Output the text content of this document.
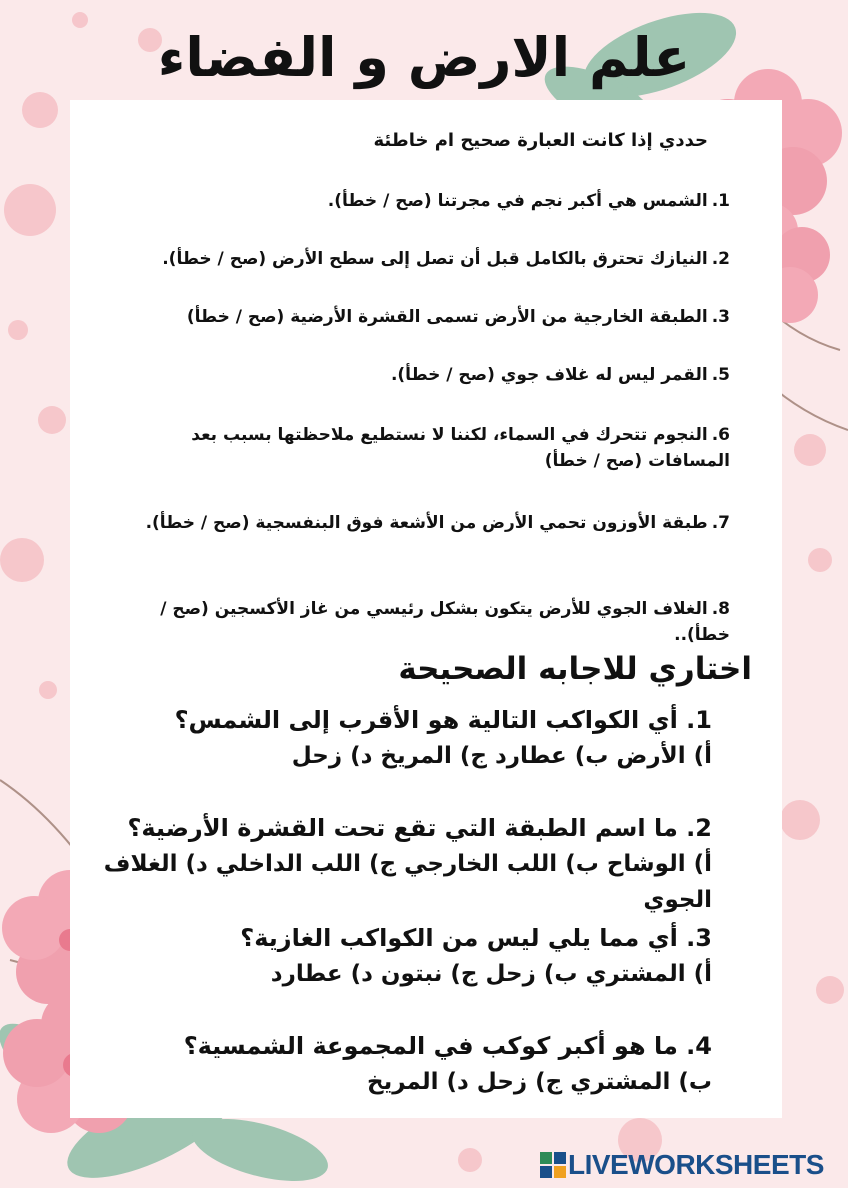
علم الارض و الفضاء

حددي إذا كانت العبارة صحيح ام خاطئة

1.الشمس هي أكبر نجم في مجرتنا (صح / خطأ).

2.النيازك تحترق بالكامل قبل أن تصل إلى سطح الأرض (صح / خطأ).

3.الطبقة الخارجية من الأرض تسمى القشرة الأرضية (صح / خطأ)

5.القمر ليس له غلاف جوي (صح / خطأ).

6.النجوم تتحرك في السماء، لكننا لا نستطيع ملاحظتها بسبب بعد المسافات (صح / خطأ)

7.طبقة الأوزون تحمي الأرض من الأشعة فوق البنفسجية (صح / خطأ).

8.الغلاف الجوي للأرض يتكون بشكل رئيسي من غاز الأكسجين (صح / خطأ)..

اختاري للاجابه الصحيحة
1. أي الكواكب التالية هو الأقرب إلى الشمس؟
أ) الأرض ب) عطارد ج) المريخ د) زحل
2. ما اسم الطبقة التي تقع تحت القشرة الأرضية؟
أ) الوشاح ب) اللب الخارجي ج) اللب الداخلي د) الغلاف الجوي
3. أي مما يلي ليس من الكواكب الغازية؟
أ) المشتري ب) زحل ج) نبتون د) عطارد
4. ما هو أكبر كوكب في المجموعة الشمسية؟
ب) المشتري ج) زحل د) المريخ
LIVEWORKSHEETS
